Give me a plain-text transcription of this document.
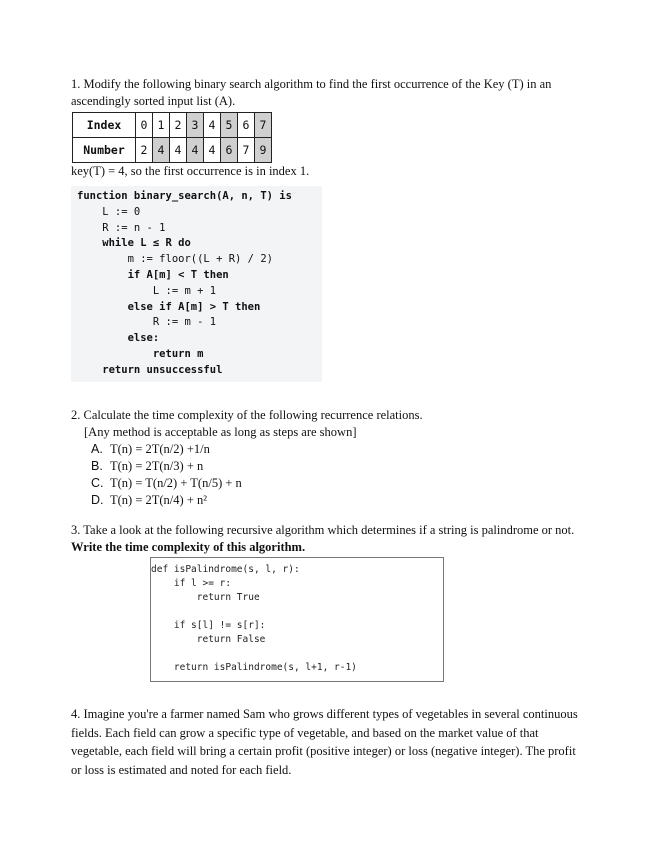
1. Modify the following binary search algorithm to find the first occurrence of the Key (T) in an ascendingly sorted input list (A).

Index	0	1	2	3	4	5	6	7
Number	2	4	4	4	4	6	7	9

key(T) = 4, so the first occurrence is in index 1.

function binary_search(A, n, T) is
L := 0
R := n - 1
while L ≤ R do
m := floor((L + R) / 2)
if A[m] < T then
L := m + 1
else if A[m] > T then
R := m - 1
else:
return m
return unsuccessful

2. Calculate the time complexity of the following recurrence relations.

[Any method is acceptable as long as steps are shown]

A. T(n) = 2T(n/2) +1/n
B. T(n) = 2T(n/3) + n
C. T(n) = T(n/2) + T(n/5) + n
D. T(n) = 2T(n/4) + n²

3. Take a look at the following recursive algorithm which determines if a string is palindrome or not. Write the time complexity of this algorithm.

def isPalindrome(s, l, r):
if l >= r:
return True

if s[l] != s[r]:
return False

return isPalindrome(s, l+1, r-1)

4. Imagine you're a farmer named Sam who grows different types of vegetables in several continuous fields. Each field can grow a specific type of vegetable, and based on the market value of that vegetable, each field will bring a certain profit (positive integer) or loss (negative integer). The profit or loss is estimated and noted for each field.
